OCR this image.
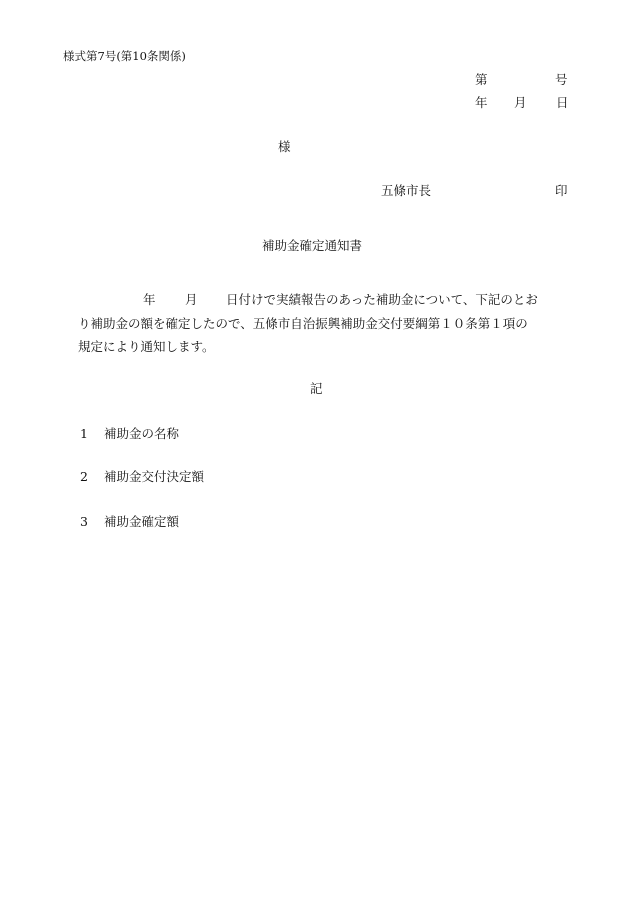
様式第7号(第10条関係)
第	号
年 月 日
様
五條市長	印
補助金確定通知書
年 月 日付けで実績報告のあった補助金について、下記のとお
り補助金の額を確定したので、五條市自治振興補助金交付要綱第１０条第１項の
規定により通知します。
記
1 補助金の名称
2 補助金交付決定額
3 補助金確定額
